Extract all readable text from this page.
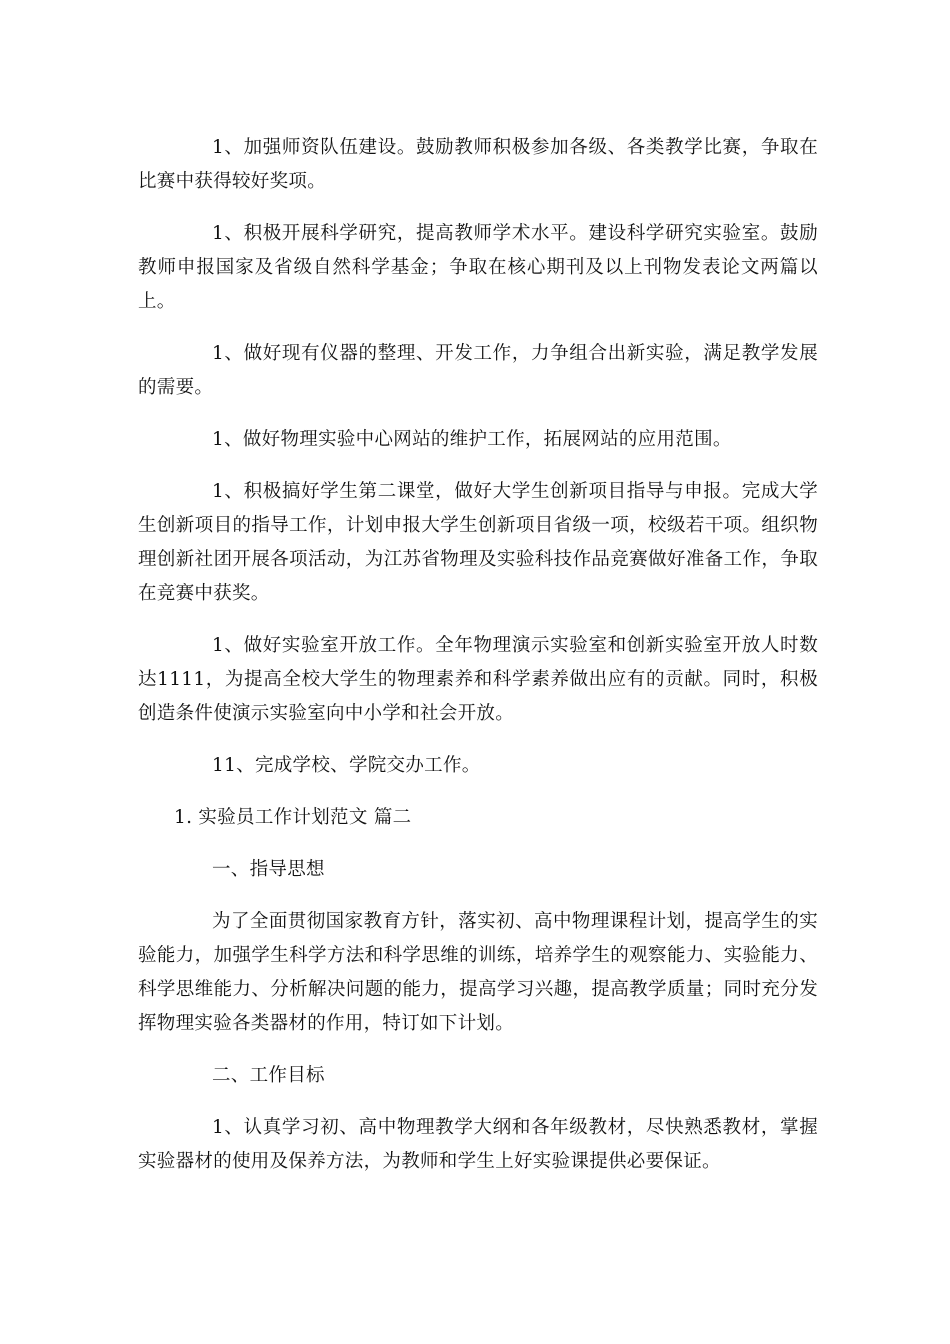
1、加强师资队伍建设。鼓励教师积极参加各级、各类教学比赛，争取在比赛中获得较好奖项。

1、积极开展科学研究，提高教师学术水平。建设科学研究实验室。鼓励教师申报国家及省级自然科学基金；争取在核心期刊及以上刊物发表论文两篇以上。

1、做好现有仪器的整理、开发工作，力争组合出新实验，满足教学发展的需要。

1、做好物理实验中心网站的维护工作，拓展网站的应用范围。

1、积极搞好学生第二课堂，做好大学生创新项目指导与申报。完成大学生创新项目的指导工作，计划申报大学生创新项目省级一项，校级若干项。组织物理创新社团开展各项活动，为江苏省物理及实验科技作品竞赛做好准备工作，争取在竞赛中获奖。

1、做好实验室开放工作。全年物理演示实验室和创新实验室开放人时数达1111，为提高全校大学生的物理素养和科学素养做出应有的贡献。同时，积极创造条件使演示实验室向中小学和社会开放。

11、完成学校、学院交办工作。

1. 实验员工作计划范文 篇二

一、指导思想

为了全面贯彻国家教育方针，落实初、高中物理课程计划，提高学生的实验能力，加强学生科学方法和科学思维的训练，培养学生的观察能力、实验能力、科学思维能力、分析解决问题的能力，提高学习兴趣，提高教学质量；同时充分发挥物理实验各类器材的作用，特订如下计划。

二、工作目标

1、认真学习初、高中物理教学大纲和各年级教材，尽快熟悉教材，掌握实验器材的使用及保养方法，为教师和学生上好实验课提供必要保证。
